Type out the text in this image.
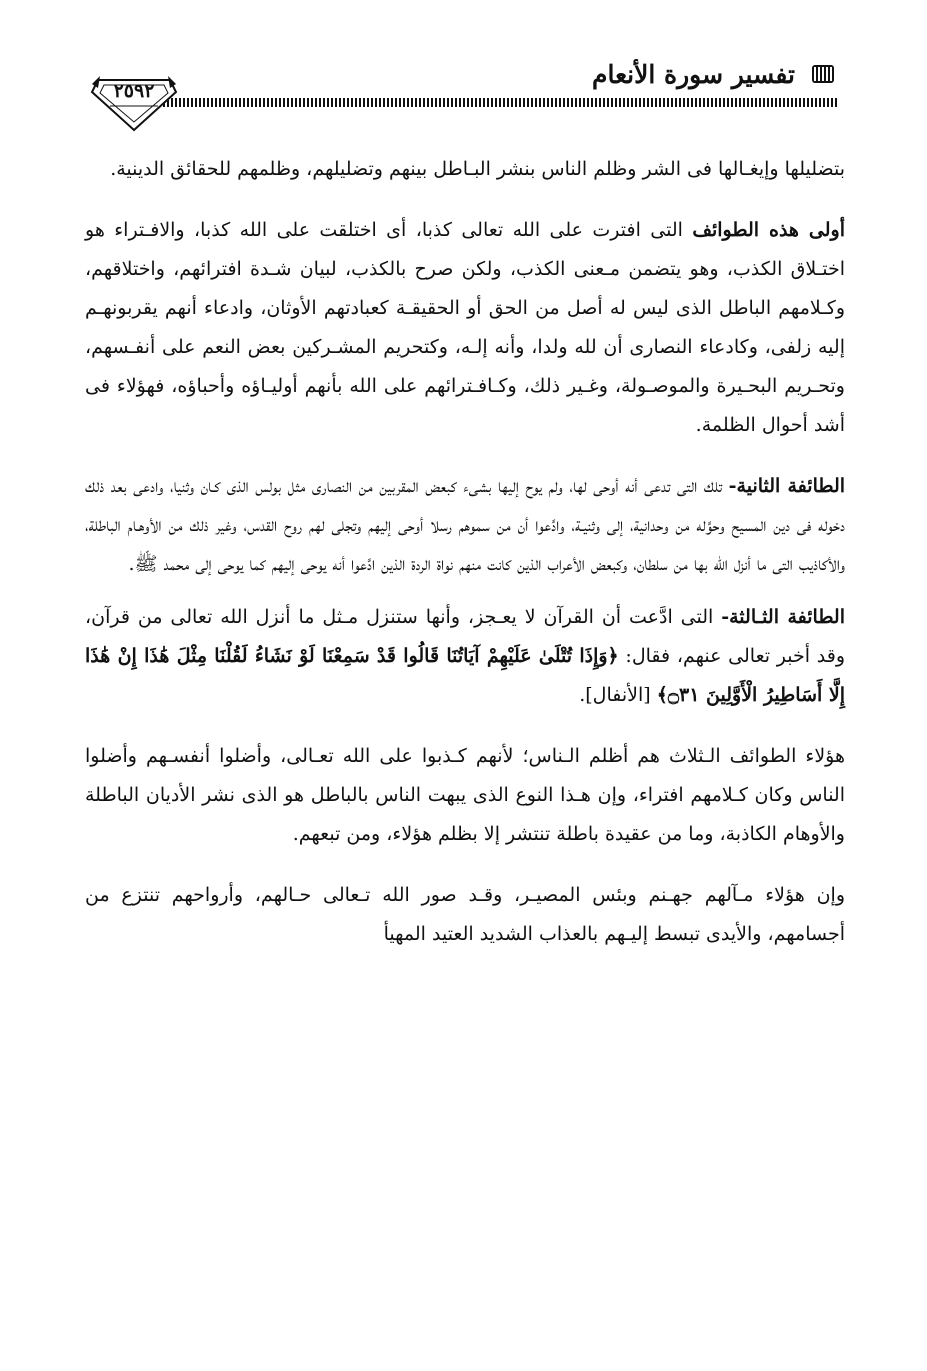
تفسير سورة الأنعام
٢٥٩٢

بتضليلها وإيغـالها فى الشر وظلم الناس بنشر البـاطل بينهم وتضليلهم، وظلمهم للحقائق الدينية.

أولى هذه الطوائف التى افترت على الله تعالى كذبا، أى اختلقت على الله كذبا، والافـتراء هو اختـلاق الكذب، وهو يتضمن مـعنى الكذب، ولكن صرح بالكذب، لبيان شـدة افترائهم، واختلاقهم، وكـلامهم الباطل الذى ليس له أصل من الحق أو الحقيقـة كعبادتهم الأوثان، وادعاء أنهم يقربونهـم إليه زلفى، وكادعاء النصارى أن لله ولدا، وأنه إلـه، وكتحريم المشـركين بعض النعم على أنفـسهم، وتحـريم البحـيرة والموصـولة، وغـير ذلك، وكـافـترائهم على الله بأنهم أوليـاؤه وأحباؤه، فهؤلاء فى أشد أحوال الظلمة.

الطائفة الثانية- تلك التى تدعى أنه أوحى لها، ولم يوح إليها بشىء كبعض المقربين من النصارى مثل بولس الذى كـان وثنيا، وادعى بعد ذلك دخوله فى دين المسيح وحوَّله من وحدانية، إلى وثنيـة، وادَّعوا أن من سموهم رسلا أوحى إليهم وتجلى لهم روح القدس، وغير ذلك من الأوهـام الباطلة، والأكاذيب التى ما أنزل الله بها من سلطان، وكبعض الأعراب الذين كانت منهم نواة الردة الذين ادَّعوا أنه يوحى إليهم كما يوحى إلى محمد ﷺ.

الطائفة الثـالثة- التى ادَّعت أن القرآن لا يعـجز، وأنها ستنزل مـثل ما أنزل الله تعالى من قرآن، وقد أخبر تعالى عنهم، فقال: ﴿وَإِذَا تُتْلَىٰ عَلَيْهِمْ آيَاتُنَا قَالُوا قَدْ سَمِعْنَا لَوْ نَشَاءُ لَقُلْنَا مِثْلَ هَٰذَا إِنْ هَٰذَا إِلَّا أَسَاطِيرُ الْأَوَّلِينَ ۝٣١﴾ [الأنفال].

هؤلاء الطوائف الـثلاث هم أظلم الـناس؛ لأنهم كـذبوا على الله تعـالى، وأضلوا أنفسـهم وأضلوا الناس وكان كـلامهم افتراء، وإن هـذا النوع الذى يبهت الناس بالباطل هو الذى نشر الأديان الباطلة والأوهام الكاذبة، وما من عقيدة باطلة تنتشر إلا بظلم هؤلاء، ومن تبعهم.

وإن هؤلاء مـآلهم جهـنم وبئس المصيـر، وقـد صور الله تـعالى حـالهم، وأرواحهم تنتزع من أجسامهم، والأيدى تبسط إليـهم بالعذاب الشديد العتيد المهيأ
